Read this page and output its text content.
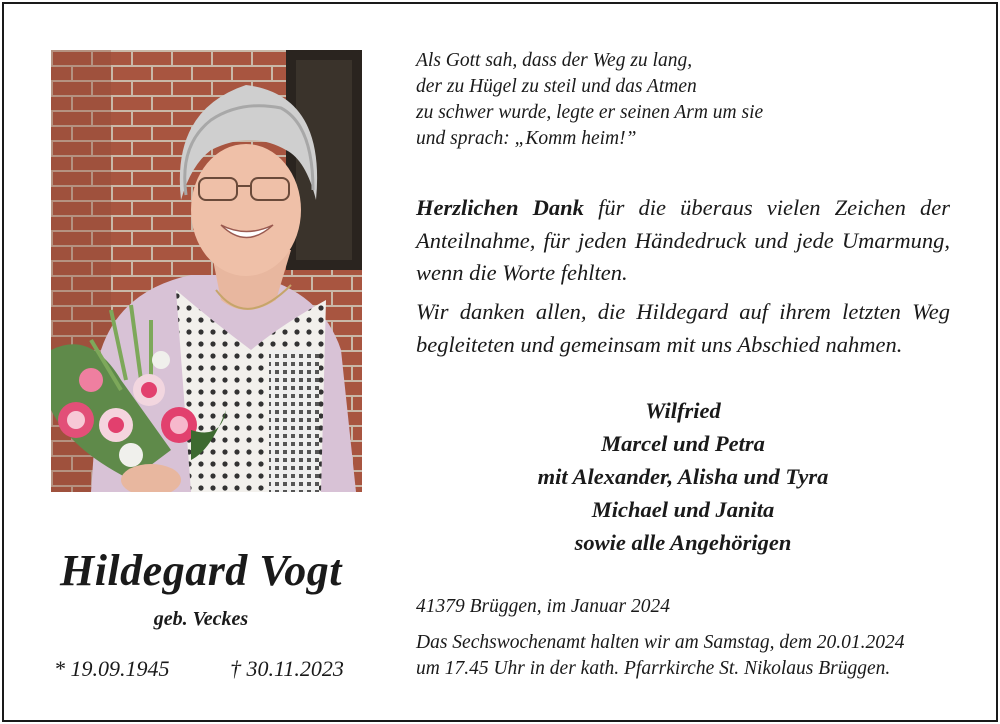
Hildegard Vogt
geb. Veckes
* 19.09.1945	† 30.11.2023
Als Gott sah, dass der Weg zu lang,
der zu Hügel zu steil und das Atmen
zu schwer wurde, legte er seinen Arm um sie
und sprach: „Komm heim!”
Herzlichen Dank für die überaus vielen Zeichen der Anteilnahme, für jeden Händedruck und jede Umarmung, wenn die Worte fehlten.
Wir danken allen, die Hildegard auf ihrem letzten Weg begleiteten und gemeinsam mit uns Abschied nahmen.
Wilfried
Marcel und Petra
mit Alexander, Alisha und Tyra
Michael und Janita
sowie alle Angehörigen
41379 Brüggen, im Januar 2024
Das Sechswochenamt halten wir am Samstag, dem 20.01.2024
um 17.45 Uhr in der kath. Pfarrkirche St. Nikolaus Brüggen.
